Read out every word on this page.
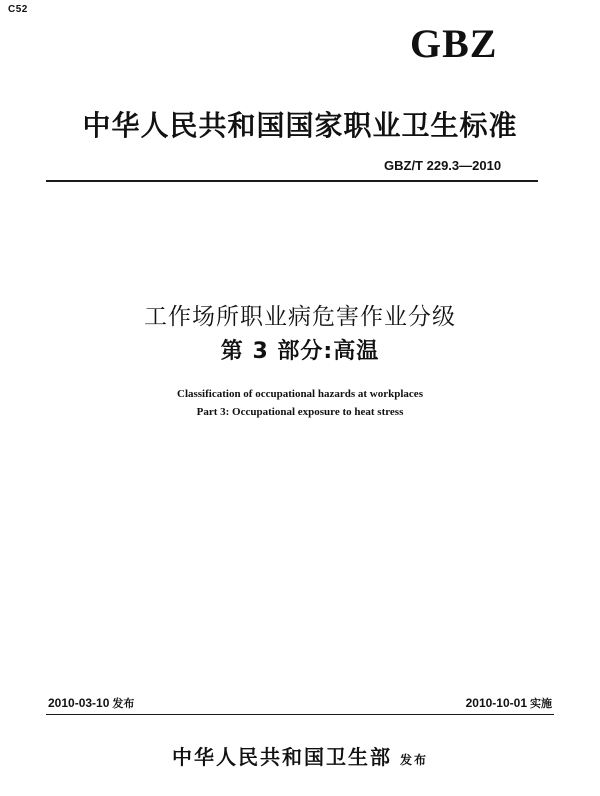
C52
GBZ
中华人民共和国国家职业卫生标准
GBZ/T 229.3—2010
工作场所职业病危害作业分级
第 3 部分:高温
Classification of occupational hazards at workplaces
Part 3: Occupational exposure to heat stress
2010-03-10 发布	2010-10-01 实施
中华人民共和国卫生部 发布
